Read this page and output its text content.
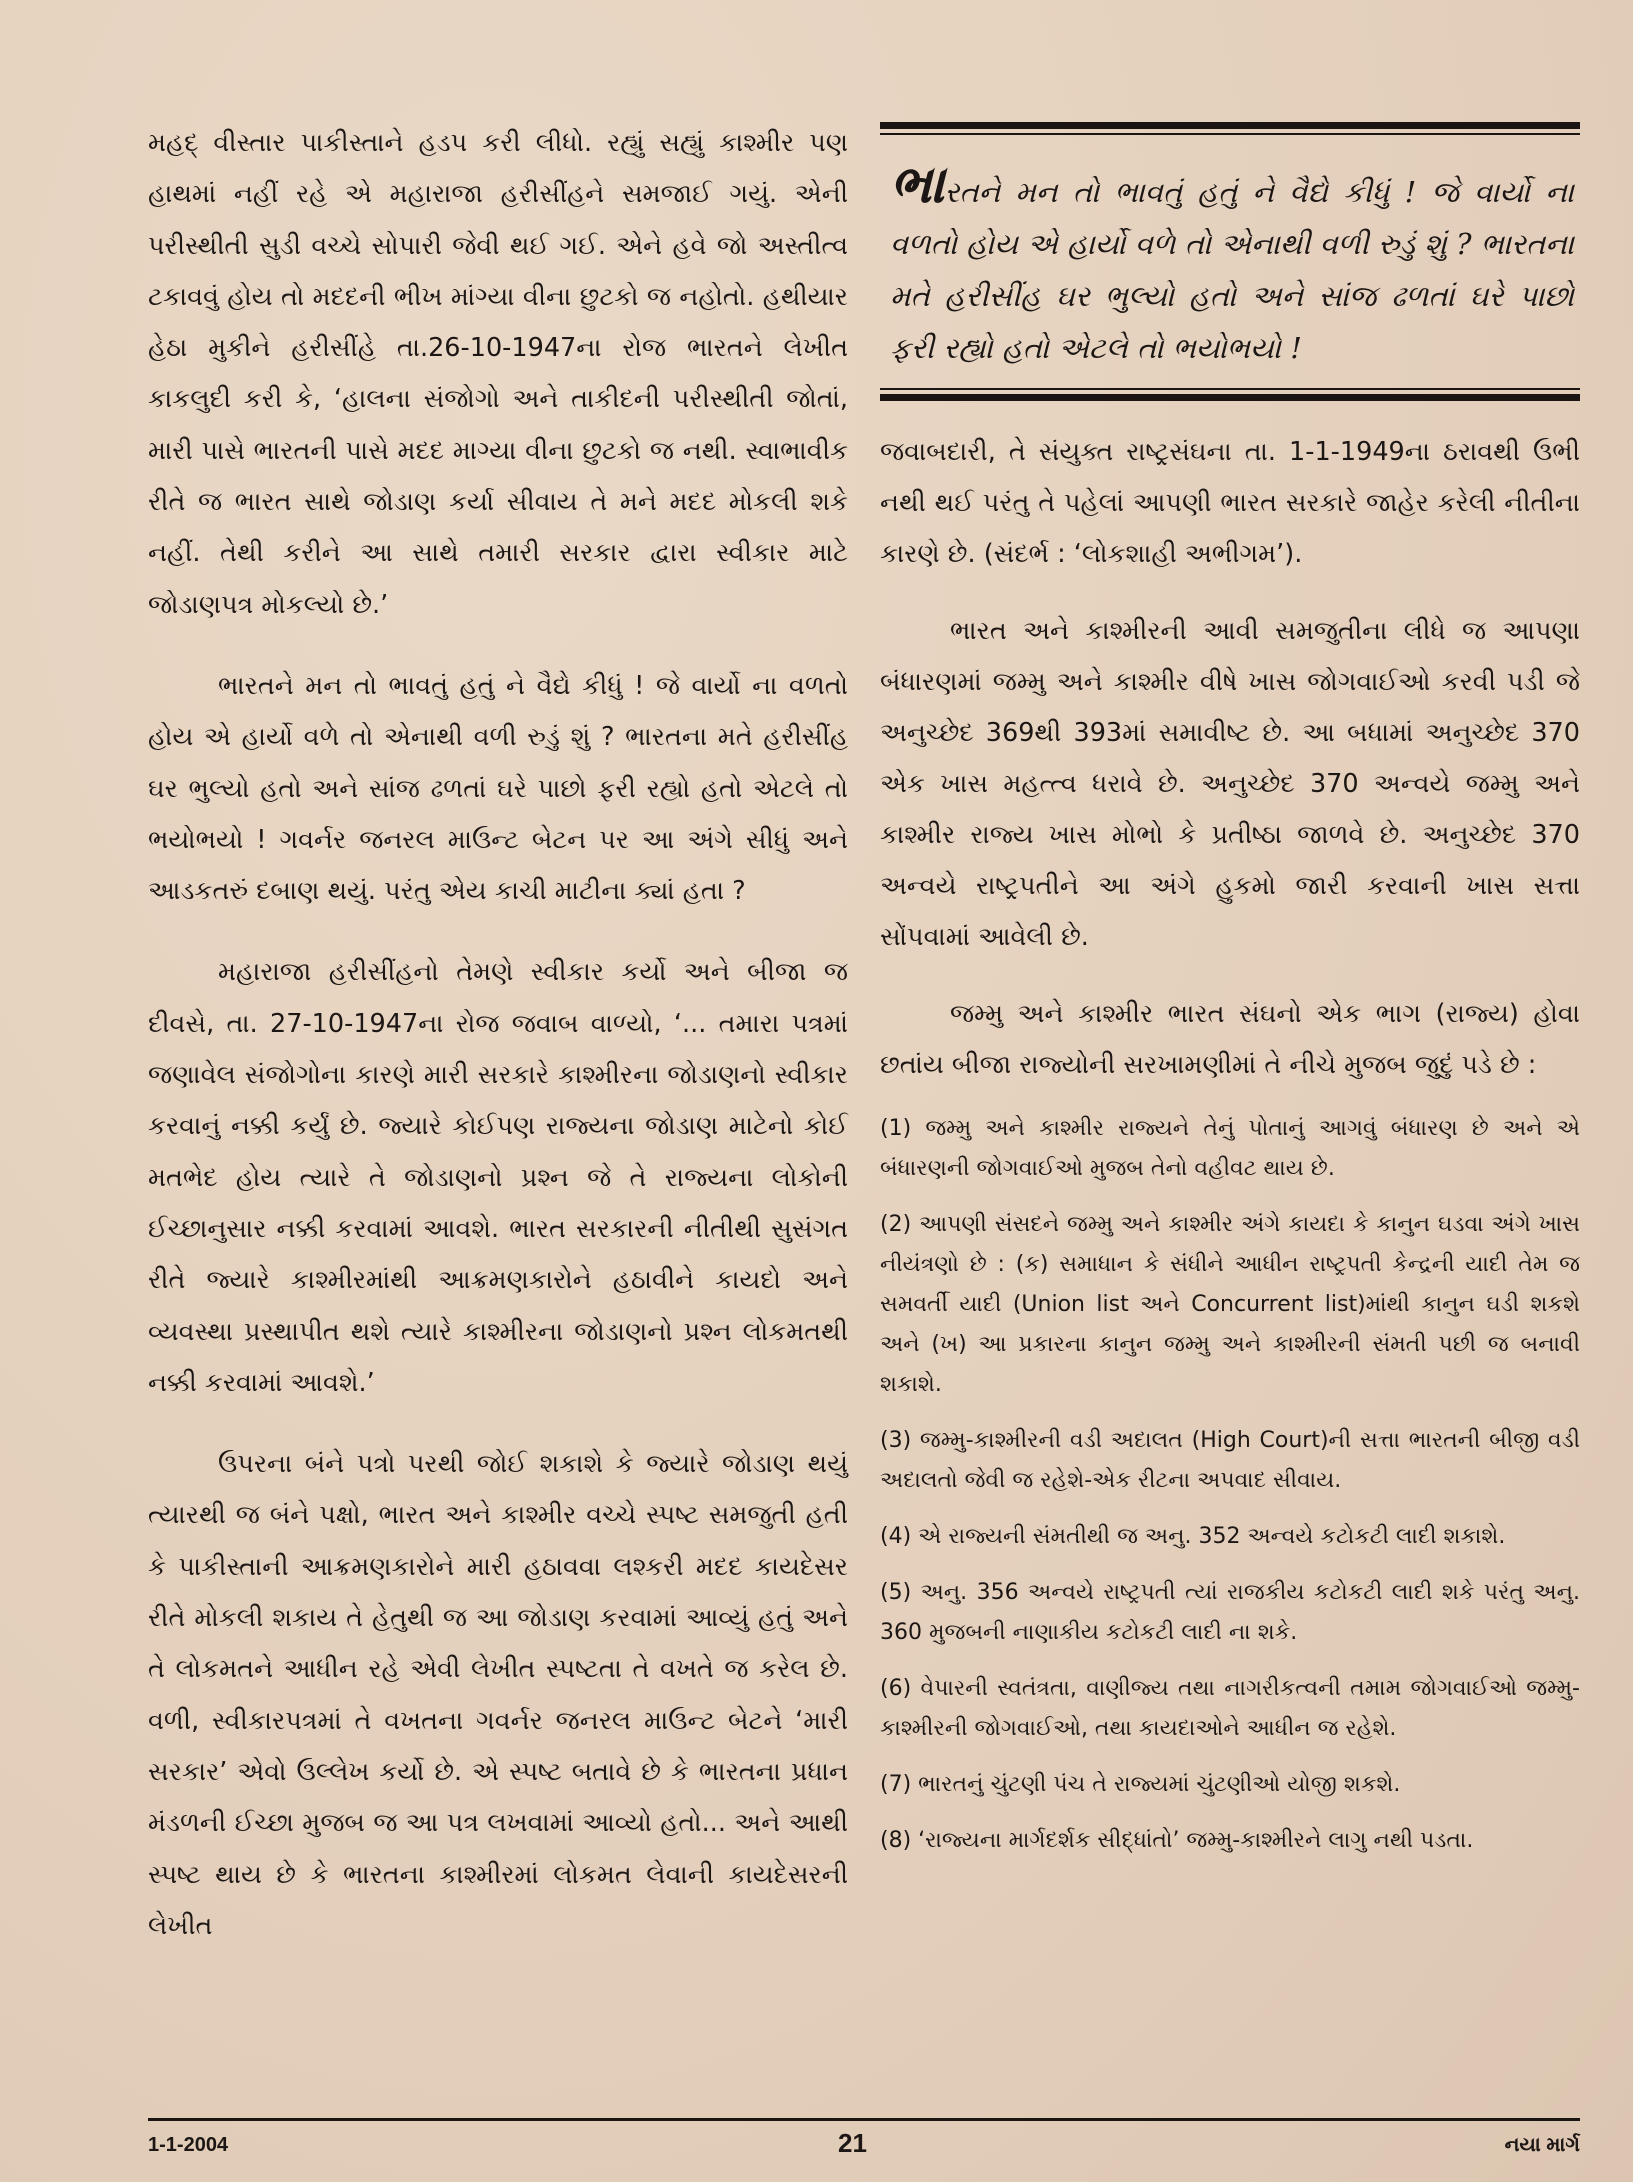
મહદ્ વીસ્તાર પાકીસ્તાને હડપ કરી લીધો. રહ્યું સહ્યું કાશ્મીર પણ હાથમાં નહીં રહે એ મહારાજા હરીસીંહને સમજાઈ ગયું. એની પરીસ્થીતી સુડી વચ્ચે સોપારી જેવી થઈ ગઈ. એને હવે જો અસ્તીત્વ ટકાવવું હોય તો મદદની ભીખ માંગ્યા વીના છુટકો જ નહોતો. હથીયાર હેઠા મુકીને હરીસીંહે તા.26-10-1947ના રોજ ભારતને લેખીત કાકલુદી કરી કે, ‘હાલના સંજોગો અને તાકીદની પરીસ્થીતી જોતાં, મારી પાસે ભારતની પાસે મદદ માગ્યા વીના છુટકો જ નથી. સ્વાભાવીક રીતે જ ભારત સાથે જોડાણ કર્યા સીવાય તે મને મદદ મોકલી શકે નહીં. તેથી કરીને આ સાથે તમારી સરકાર દ્વારા સ્વીકાર માટે જોડાણપત્ર મોકલ્યો છે.’

ભારતને મન તો ભાવતું હતું ને વૈદ્યે કીધું ! જે વાર્યો ના વળતો હોય એ હાર્યો વળે તો એનાથી વળી રુડું શું ? ભારતના મતે હરીસીંહ ઘર ભુલ્યો હતો અને સાંજ ઢળતાં ઘરે પાછો ફરી રહ્યો હતો એટલે તો ભયોભયો ! ગવર્નર જનરલ માઉન્ટ બેટન પર આ અંગે સીધું અને આડકતરું દબાણ થયું. પરંતુ એય કાચી માટીના ક્યાં હતા ?

મહારાજા હરીસીંહનો તેમણે સ્વીકાર કર્યો અને બીજા જ દીવસે, તા. 27-10-1947ના રોજ જવાબ વાળ્યો, ‘... તમારા પત્રમાં જણાવેલ સંજોગોના કારણે મારી સરકારે કાશ્મીરના જોડાણનો સ્વીકાર કરવાનું નક્કી કર્યું છે. જ્યારે કોઈપણ રાજ્યના જોડાણ માટેનો કોઈ મતભેદ હોય ત્યારે તે જોડાણનો પ્રશ્ન જે તે રાજ્યના લોકોની ઈચ્છાનુસાર નક્કી કરવામાં આવશે. ભારત સરકારની નીતીથી સુસંગત રીતે જ્યારે કાશ્મીરમાંથી આક્રમણકારોને હઠાવીને કાયદો અને વ્યવસ્થા પ્રસ્થાપીત થશે ત્યારે કાશ્મીરના જોડાણનો પ્રશ્ન લોકમતથી નક્કી કરવામાં આવશે.’

ઉપરના બંને પત્રો પરથી જોઈ શકાશે કે જ્યારે જોડાણ થયું ત્યારથી જ બંને પક્ષો, ભારત અને કાશ્મીર વચ્ચે સ્પષ્ટ સમજુતી હતી કે પાકીસ્તાની આક્રમણકારોને મારી હઠાવવા લશ્કરી મદદ કાયદેસર રીતે મોકલી શકાય તે હેતુથી જ આ જોડાણ કરવામાં આવ્યું હતું અને તે લોકમતને આધીન રહે એવી લેખીત સ્પષ્ટતા તે વખતે જ કરેલ છે. વળી, સ્વીકારપત્રમાં તે વખતના ગવર્નર જનરલ માઉન્ટ બેટને ‘મારી સરકાર’ એવો ઉલ્લેખ કર્યો છે. એ સ્પષ્ટ બતાવે છે કે ભારતના પ્રધાન મંડળની ઈચ્છા મુજબ જ આ પત્ર લખવામાં આવ્યો હતો... અને આથી સ્પષ્ટ થાય છે કે ભારતના કાશ્મીરમાં લોકમત લેવાની કાયદેસરની લેખીત

ભારતને મન તો ભાવતું હતું ને વૈદ્યે કીધું ! જે વાર્યો ના વળતો હોય એ હાર્યો વળે તો એનાથી વળી રુડું શું ? ભારતના મતે હરીસીંહ ઘર ભુલ્યો હતો અને સાંજ ઢળતાં ઘરે પાછો ફરી રહ્યો હતો એટલે તો ભયોભયો !

જવાબદારી, તે સંયુક્ત રાષ્ટ્રસંઘના તા. 1-1-1949ના ઠરાવથી ઉભી નથી થઈ પરંતુ તે પહેલાં આપણી ભારત સરકારે જાહેર કરેલી નીતીના કારણે છે. (સંદર્ભ : ‘લોકશાહી અભીગમ’).

ભારત અને કાશ્મીરની આવી સમજુતીના લીધે જ આપણા બંધારણમાં જમ્મુ અને કાશ્મીર વીષે ખાસ જોગવાઈઓ કરવી પડી જે અનુચ્છેદ 369થી 393માં સમાવીષ્ટ છે. આ બધામાં અનુચ્છેદ 370 એક ખાસ મહત્ત્વ ધરાવે છે. અનુચ્છેદ 370 અન્વયે જમ્મુ અને કાશ્મીર રાજ્ય ખાસ મોભો કે પ્રતીષ્ઠા જાળવે છે. અનુચ્છેદ 370 અન્વયે રાષ્ટ્રપતીને આ અંગે હુકમો જારી કરવાની ખાસ સત્તા સોંપવામાં આવેલી છે.

જમ્મુ અને કાશ્મીર ભારત સંઘનો એક ભાગ (રાજ્ય) હોવા છતાંય બીજા રાજ્યોની સરખામણીમાં તે નીચે મુજબ જુદું પડે છે :

(1) જમ્મુ અને કાશ્મીર રાજ્યને તેનું પોતાનું આગવું બંધારણ છે અને એ બંધારણની જોગવાઈઓ મુજબ તેનો વહીવટ થાય છે.

(2) આપણી સંસદને જમ્મુ અને કાશ્મીર અંગે કાયદા કે કાનુન ઘડવા અંગે ખાસ નીયંત્રણો છે : (ક) સમાધાન કે સંધીને આધીન રાષ્ટ્રપતી કેન્દ્રની યાદી તેમ જ સમવર્તી યાદી (Union list અને Concurrent list)માંથી કાનુન ઘડી શકશે અને (ખ) આ પ્રકારના કાનુન જમ્મુ અને કાશ્મીરની સંમતી પછી જ બનાવી શકાશે.

(3) જમ્મુ-કાશ્મીરની વડી અદાલત (High Court)ની સત્તા ભારતની બીજી વડી અદાલતો જેવી જ રહેશે-એક રીટના અપવાદ સીવાય.

(4) એ રાજ્યની સંમતીથી જ અનુ. 352 અન્વયે કટોકટી લાદી શકાશે.

(5) અનુ. 356 અન્વયે રાષ્ટ્રપતી ત્યાં રાજકીય કટોકટી લાદી શકે પરંતુ અનુ. 360 મુજબની નાણાકીય કટોકટી લાદી ના શકે.

(6) વેપારની સ્વતંત્રતા, વાણીજ્ય તથા નાગરીકત્વની તમામ જોગવાઈઓ જમ્મુ-કાશ્મીરની જોગવાઈઓ, તથા કાયદાઓને આધીન જ રહેશે.

(7) ભારતનું ચુંટણી પંચ તે રાજ્યમાં ચુંટણીઓ યોજી શકશે.

(8) ‘રાજ્યના માર્ગદર્શક સીદ્ધાંતો’ જમ્મુ-કાશ્મીરને લાગુ નથી પડતા.

1-1-2004	21	નયા માર્ગ
